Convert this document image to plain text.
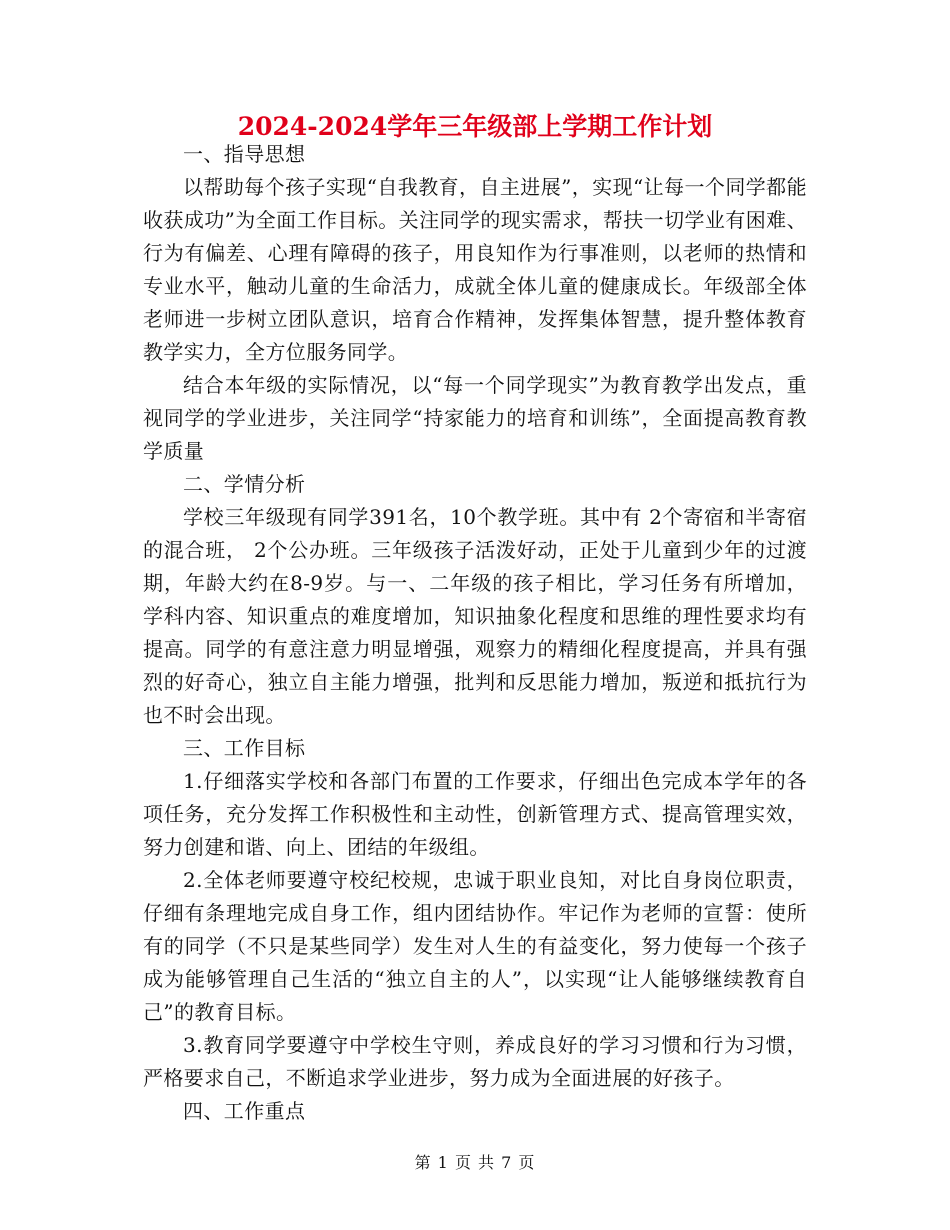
2024-2024学年三年级部上学期工作计划

一、指导思想

以帮助每个孩子实现“自我教育，自主进展”，实现“让每一个同学都能收获成功”为全面工作目标。关注同学的现实需求，帮扶一切学业有困难、行为有偏差、心理有障碍的孩子，用良知作为行事准则，以老师的热情和专业水平，触动儿童的生命活力，成就全体儿童的健康成长。年级部全体老师进一步树立团队意识，培育合作精神，发挥集体智慧，提升整体教育教学实力，全方位服务同学。

结合本年级的实际情况，以“每一个同学现实”为教育教学出发点，重视同学的学业进步，关注同学“持家能力的培育和训练”，全面提高教育教学质量

二、学情分析

学校三年级现有同学391名，10个教学班。其中有 2个寄宿和半寄宿的混合班， 2个公办班。三年级孩子活泼好动，正处于儿童到少年的过渡期，年龄大约在8-9岁。与一、二年级的孩子相比，学习任务有所增加，学科内容、知识重点的难度增加，知识抽象化程度和思维的理性要求均有提高。同学的有意注意力明显增强，观察力的精细化程度提高，并具有强烈的好奇心，独立自主能力增强，批判和反思能力增加，叛逆和抵抗行为也不时会出现。

三、工作目标

1.仔细落实学校和各部门布置的工作要求，仔细出色完成本学年的各项任务，充分发挥工作积极性和主动性，创新管理方式、提高管理实效，努力创建和谐、向上、团结的年级组。

2.全体老师要遵守校纪校规，忠诚于职业良知，对比自身岗位职责，仔细有条理地完成自身工作，组内团结协作。牢记作为老师的宣誓：使所有的同学（不只是某些同学）发生对人生的有益变化，努力使每一个孩子成为能够管理自己生活的“独立自主的人”，以实现“让人能够继续教育自己”的教育目标。

3.教育同学要遵守中学校生守则，养成良好的学习习惯和行为习惯，严格要求自己，不断追求学业进步，努力成为全面进展的好孩子。

四、工作重点

第 1 页 共 7 页
